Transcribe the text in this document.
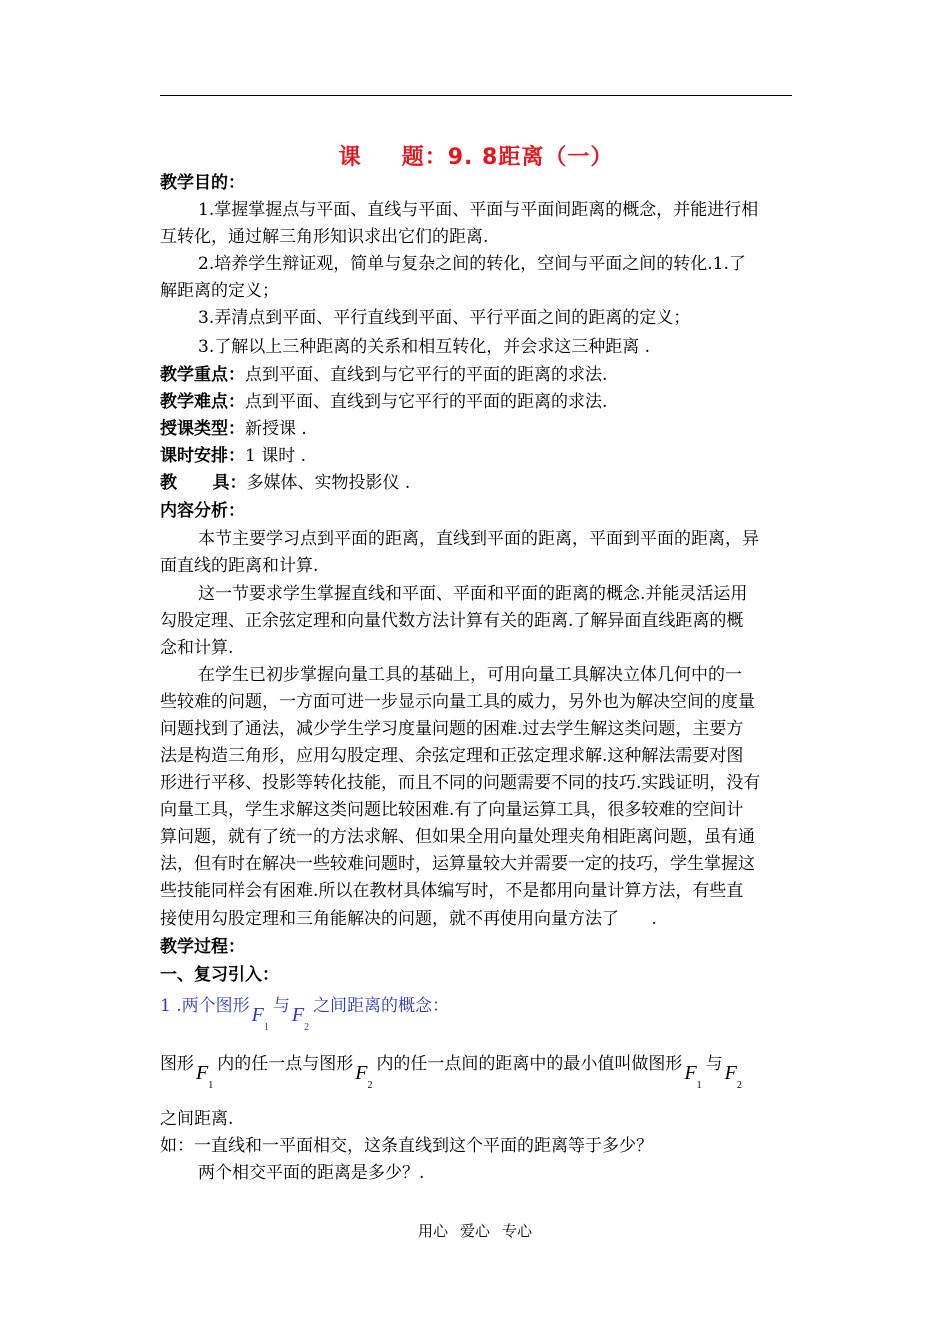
课 题：9. 8距离（一）
教学目的：
1.掌握掌握点与平面、直线与平面、平面与平面间距离的概念，并能进行相
互转化，通过解三角形知识求出它们的距离.
2.培养学生辩证观，简单与复杂之间的转化，空间与平面之间的转化.1.了
解距离的定义；
3.弄清点到平面、平行直线到平面、平行平面之间的距离的定义；
3.了解以上三种距离的关系和相互转化，并会求这三种距离 .
教学重点：点到平面、直线到与它平行的平面的距离的求法.
教学难点：点到平面、直线到与它平行的平面的距离的求法.
授课类型：新授课 .
课时安排：1 课时 .
教      具：多媒体、实物投影仪 .
内容分析：
本节主要学习点到平面的距离，直线到平面的距离，平面到平面的距离，异
面直线的距离和计算.
这一节要求学生掌握直线和平面、平面和平面的距离的概念.并能灵活运用
勾股定理、正余弦定理和向量代数方法计算有关的距离.了解异面直线距离的概
念和计算.
在学生已初步掌握向量工具的基础上，可用向量工具解决立体几何中的一
些较难的问题，一方面可进一步显示向量工具的威力，另外也为解决空间的度量
问题找到了通法，减少学生学习度量问题的困难.过去学生解这类问题，主要方
法是构造三角形，应用勾股定理、余弦定理和正弦定理求解.这种解法需要对图
形进行平移、投影等转化技能，而且不同的问题需要不同的技巧.实践证明，没有
向量工具，学生求解这类问题比较困难.有了向量运算工具，很多较难的空间计
算问题，就有了统一的方法求解、但如果全用向量处理夹角相距离问题，虽有通
法，但有时在解决一些较难问题时，运算量较大并需要一定的技巧，学生掌握这
些技能同样会有困难.所以在教材具体编写时，不是都用向量计算方法，有些直
接使用勾股定理和三角能解决的问题，就不再使用向量方法了      .
教学过程：
一、复习引入：
1 .两个图形 $F_1$与 $F_2$之间距离的概念：
图形 $F_1$内的任一点与图形 $F_2$内的任一点间的距离中的最小值叫做图形 $F_1$与 $F_2$
之间距离.
如：一直线和一平面相交，这条直线到这个平面的距离等于多少？
两个相交平面的距离是多少？.
用心 爱心 专心
